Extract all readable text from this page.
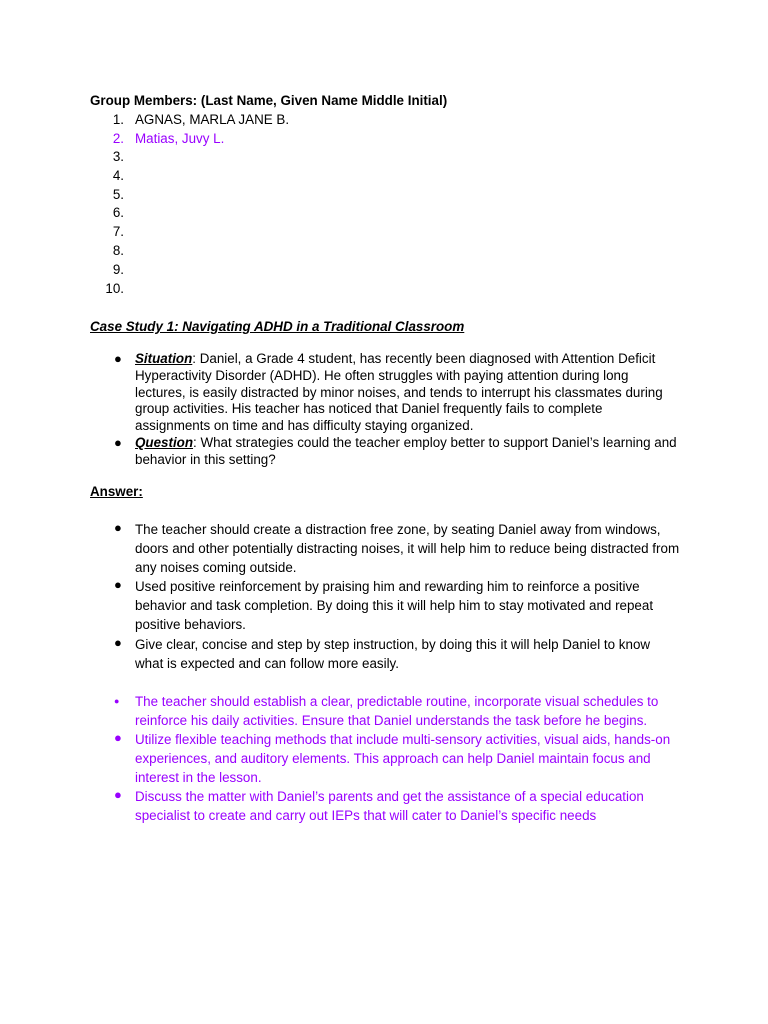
Group Members: (Last Name, Given Name Middle Initial)
1. AGNAS, MARLA JANE B.
2. Matias, Juvy L.
3.
4.
5.
6.
7.
8.
9.
10.
Case Study 1: Navigating ADHD in a Traditional Classroom
● Situation: Daniel, a Grade 4 student, has recently been diagnosed with Attention Deficit Hyperactivity Disorder (ADHD). He often struggles with paying attention during long lectures, is easily distracted by minor noises, and tends to interrupt his classmates during group activities. His teacher has noticed that Daniel frequently fails to complete assignments on time and has difficulty staying organized.
● Question: What strategies could the teacher employ better to support Daniel’s learning and behavior in this setting?
Answer:
● The teacher should create a distraction free zone, by seating Daniel away from windows, doors and other potentially distracting noises, it will help him to reduce being distracted from any noises coming outside.
● Used positive reinforcement by praising him and rewarding him to reinforce a positive behavior and task completion. By doing this it will help him to stay motivated and repeat positive behaviors.
● Give clear, concise and step by step instruction, by doing this it will help Daniel to know what is expected and can follow more easily.
● The teacher should establish a clear, predictable routine, incorporate visual schedules to reinforce his daily activities. Ensure that Daniel understands the task before he begins.
● Utilize flexible teaching methods that include multi-sensory activities, visual aids, hands-on experiences, and auditory elements. This approach can help Daniel maintain focus and interest in the lesson.
● Discuss the matter with Daniel’s parents and get the assistance of a special education specialist to create and carry out IEPs that will cater to Daniel’s specific needs
